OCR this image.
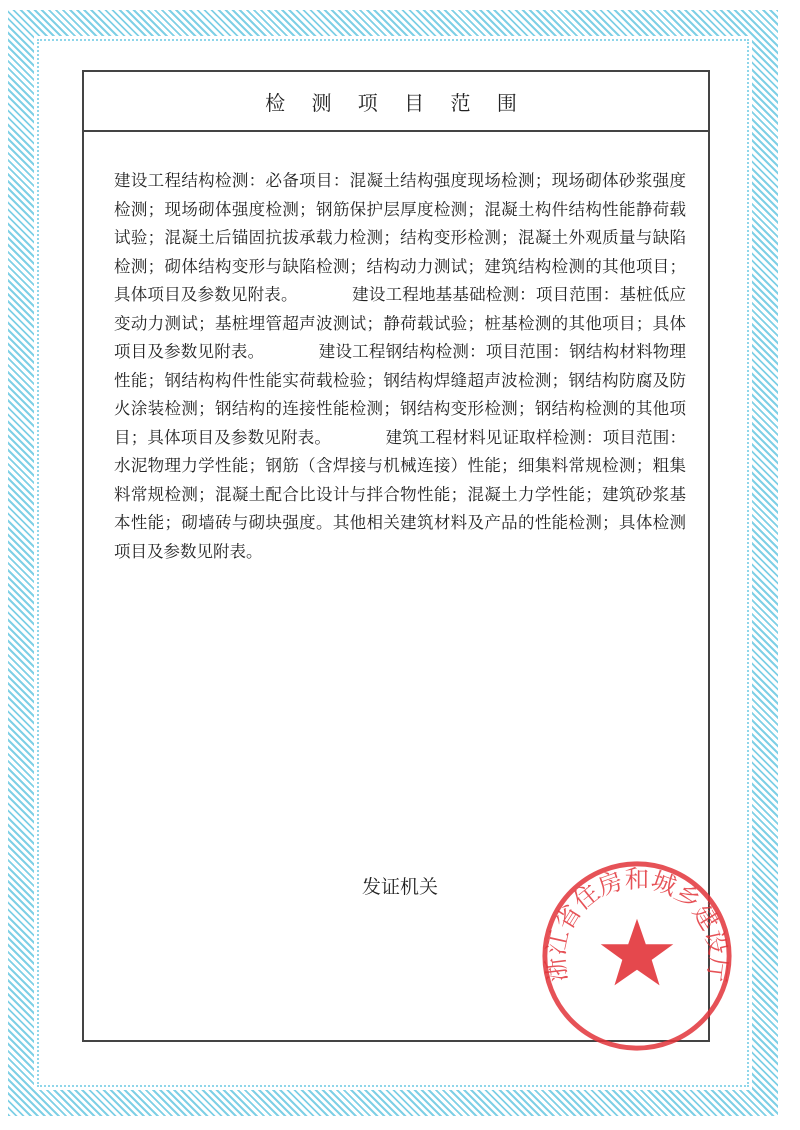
检 测 项 目 范 围
建设工程结构检测：必备项目：混凝土结构强度现场检测；现场砌体砂浆强度检测；现场砌体强度检测；钢筋保护层厚度检测；混凝土构件结构性能静荷载试验；混凝土后锚固抗拔承载力检测；结构变形检测；混凝土外观质量与缺陷检测；砌体结构变形与缺陷检测；结构动力测试；建筑结构检测的其他项目；具体项目及参数见附表。          建设工程地基基础检测：项目范围：基桩低应变动力测试；基桩埋管超声波测试；静荷载试验；桩基检测的其他项目；具体项目及参数见附表。          建设工程钢结构检测：项目范围：钢结构材料物理性能；钢结构构件性能实荷载检验；钢结构焊缝超声波检测；钢结构防腐及防火涂装检测；钢结构的连接性能检测；钢结构变形检测；钢结构检测的其他项目；具体项目及参数见附表。          建筑工程材料见证取样检测：项目范围：水泥物理力学性能；钢筋（含焊接与机械连接）性能；细集料常规检测；粗集料常规检测；混凝土配合比设计与拌合物性能；混凝土力学性能；建筑砂浆基本性能；砌墙砖与砌块强度。其他相关建筑材料及产品的性能检测；具体检测项目及参数见附表。
发证机关
浙江省住房和城乡建设厅
